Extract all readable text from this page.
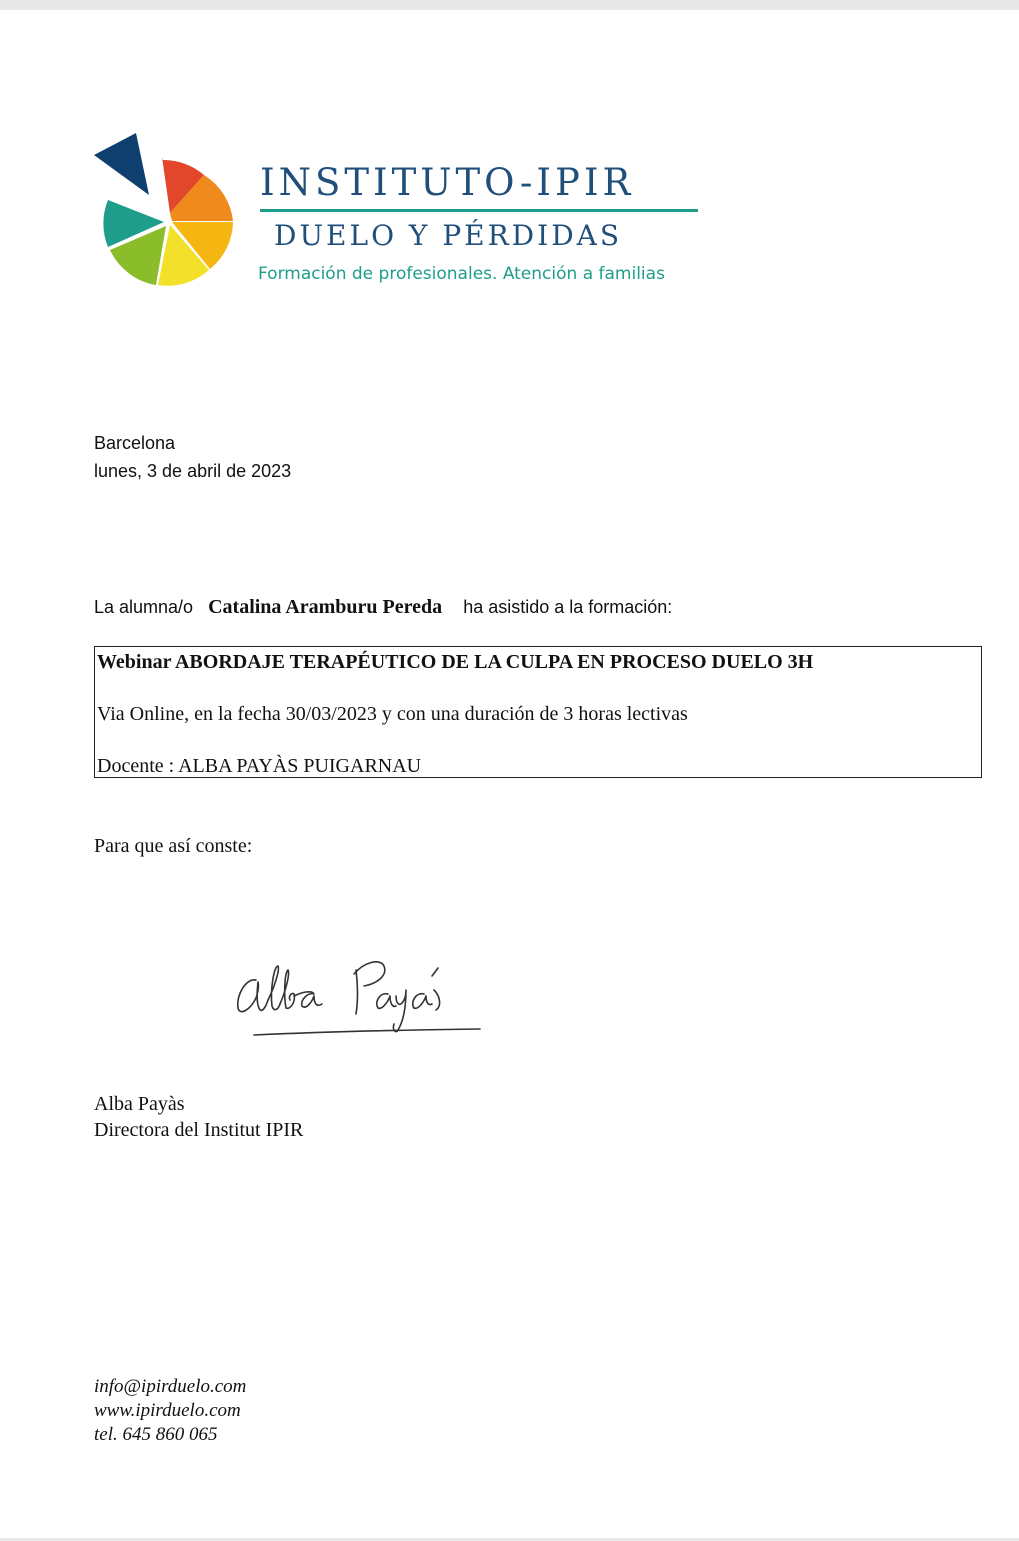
INSTITUTO-IPIR
DUELO Y PÉRDIDAS
Formación de profesionales. Atención a familias
Barcelona
lunes, 3 de abril de 2023
La alumna/o Catalina Aramburu Pereda ha asistido a la formación:
Webinar ABORDAJE TERAPÉUTICO DE LA CULPA EN PROCESO DUELO 3H
Via Online, en la fecha 30/03/2023 y con una duración de 3 horas lectivas
Docente : ALBA PAYÀS PUIGARNAU
Para que así conste:
Alba Payàs
Directora del Institut IPIR
info@ipirduelo.com
www.ipirduelo.com
tel. 645 860 065
